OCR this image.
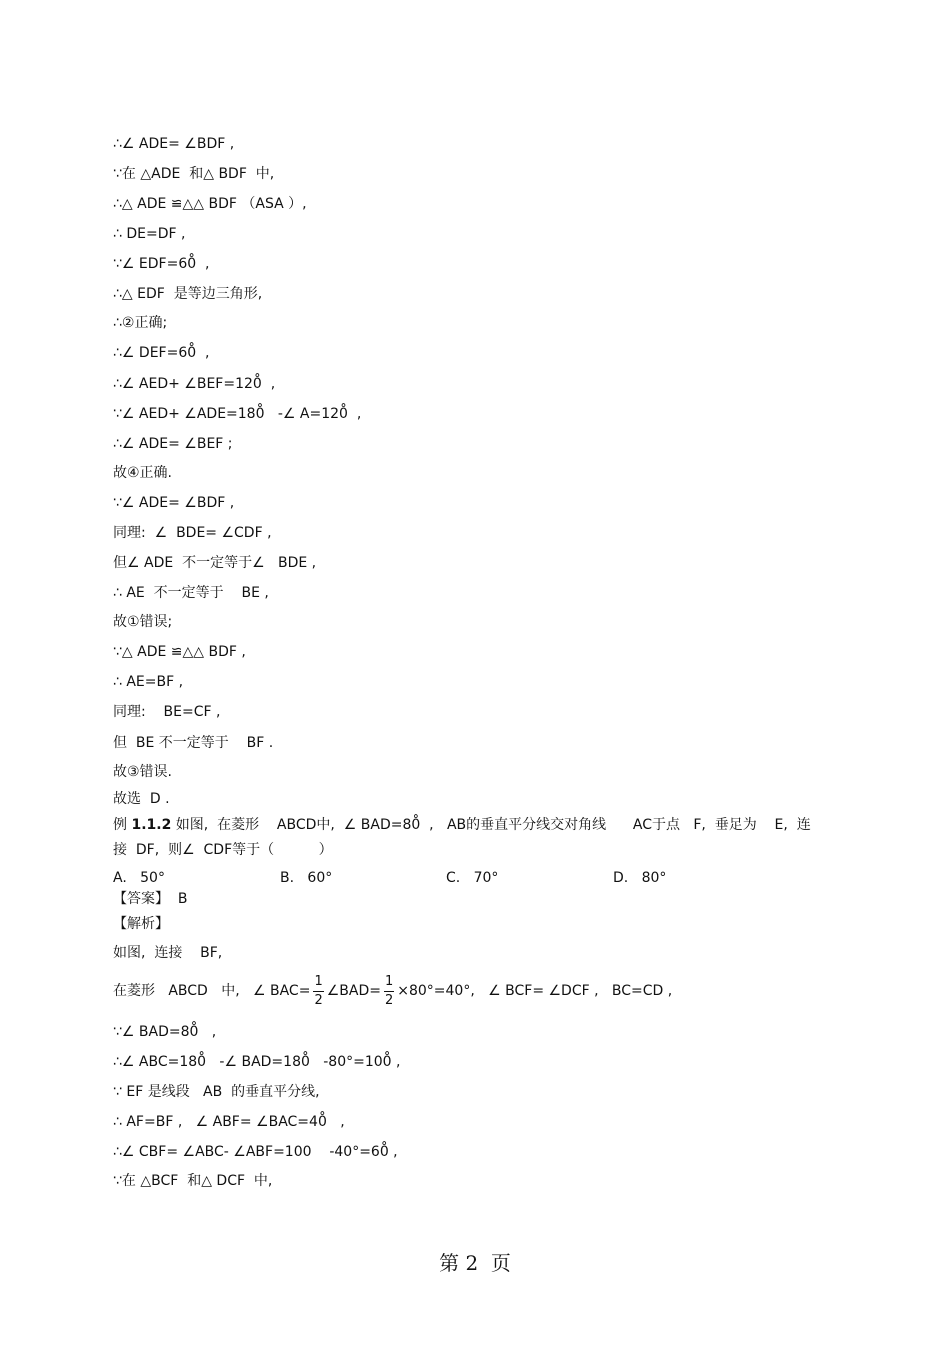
∴∠ ADE= ∠BDF ,
∵在 △ADE  和△ BDF  中,
∴△ ADE ≌△△ BDF （ASA ）,
∴ DE=DF ,
∵∠ EDF=60̊  ,
∴△ EDF  是等边三角形,
∴②正确;
∴∠ DEF=60̊  ,
∴∠ AED+ ∠BEF=120̊  ,
∵∠ AED+ ∠ADE=180̊   -∠ A=120̊  ,
∴∠ ADE= ∠BEF ;
故④正确.
∵∠ ADE= ∠BDF ,
同理:  ∠  BDE= ∠CDF ,
但∠ ADE  不一定等于∠   BDE ,
∴ AE  不一定等于    BE ,
故①错误;
∵△ ADE ≌△△ BDF ,
∴ AE=BF ,
同理:    BE=CF ,
但  BE 不一定等于    BF .
故③错误.
故选  D .
例 1.1.2 如图,  在菱形    ABCD中,  ∠ BAD=80̊  ,   AB的垂直平分线交对角线      AC于点   F,  垂足为    E,  连
接  DF,  则∠  CDF等于（          ）
A.   50°	B.   60°	C.   70°	D.   80°
【答案】  B
【解析】
如图,  连接    BF,
在菱形   ABCD   中,   ∠ $BAC= \frac{1}{2}$ ∠BAD= $\frac{1}{2} \times 80^\circ=40^\circ$,   ∠ BCF= ∠DCF ,   BC=CD ,
∵∠ BAD=80̊   ,
∴∠ ABC=180̊   -∠ BAD=180̊   -80°=100̊ ,
∵ EF 是线段   AB  的垂直平分线,
∴ AF=BF ,   ∠ ABF= ∠BAC=40̊   ,
∴∠ CBF= ∠ABC- ∠ABF=100    -40°=60̊ ,
∵在 △BCF  和△ DCF  中,
第 2  页
